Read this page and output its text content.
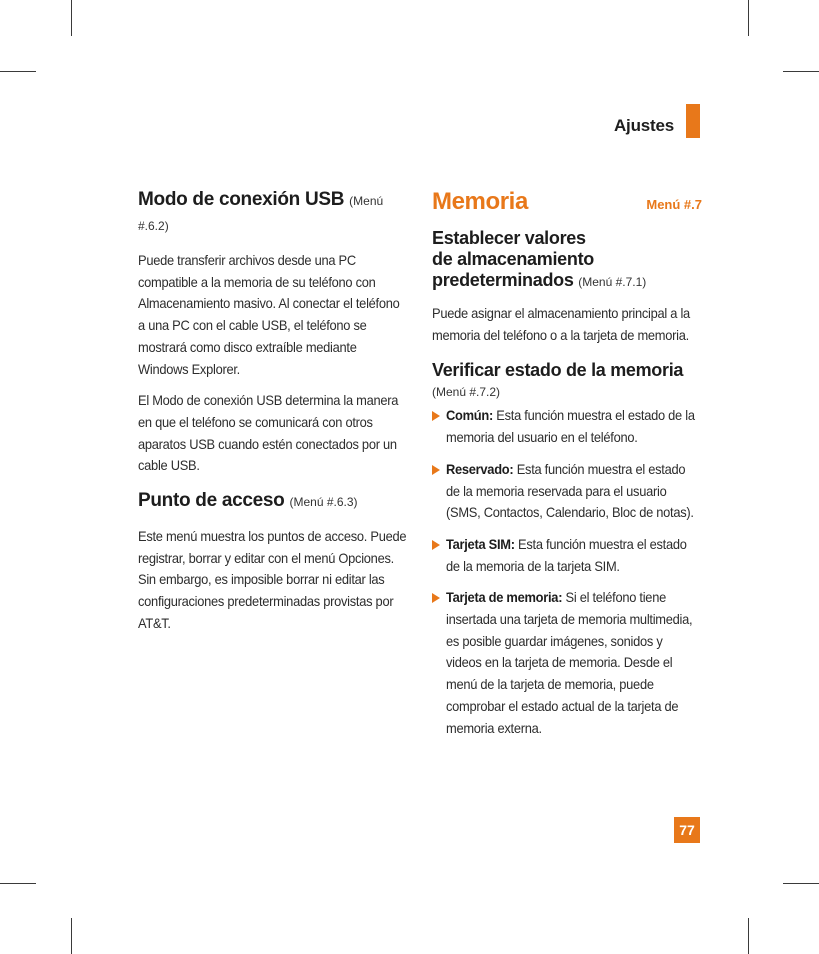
Ajustes
Modo de conexión USB (Menú #.6.2)

Puede transferir archivos desde una PC compatible a la memoria de su teléfono con Almacenamiento masivo. Al conectar el teléfono a una PC con el cable USB, el teléfono se mostrará como disco extraíble mediante Windows Explorer.

El Modo de conexión USB determina la manera en que el teléfono se comunicará con otros aparatos USB cuando estén conectados por un cable USB.

Punto de acceso (Menú #.6.3)

Este menú muestra los puntos de acceso. Puede registrar, borrar y editar con el menú Opciones. Sin embargo, es imposible borrar ni editar las configuraciones predeterminadas provistas por AT&T.

Memoria	Menú #.7
Establecer valores
de almacenamiento
predeterminados (Menú #.7.1)

Puede asignar el almacenamiento principal a la memoria del teléfono o a la tarjeta de memoria.

Verificar estado de la memoria
(Menú #.7.2)
Común: Esta función muestra el estado de la memoria del usuario en el teléfono.
Reservado: Esta función muestra el estado de la memoria reservada para el usuario (SMS, Contactos, Calendario, Bloc de notas).
Tarjeta SIM: Esta función muestra el estado de la memoria de la tarjeta SIM.
Tarjeta de memoria: Si el teléfono tiene insertada una tarjeta de memoria multimedia, es posible guardar imágenes, sonidos y videos en la tarjeta de memoria. Desde el menú de la tarjeta de memoria, puede comprobar el estado actual de la tarjeta de memoria externa.
77
